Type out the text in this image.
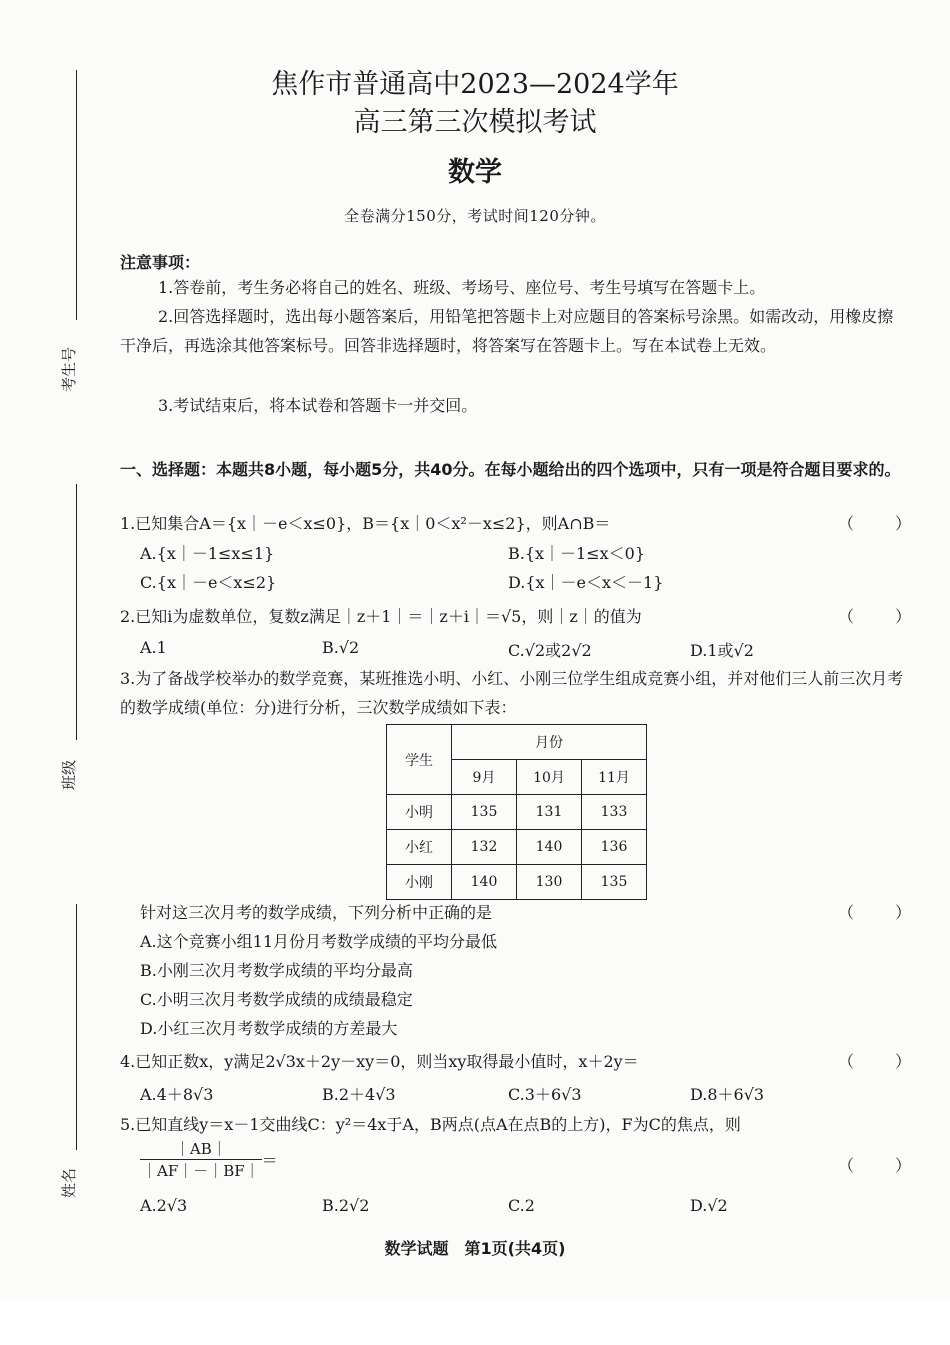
考生号
班级
姓名
焦作市普通高中2023—2024学年
高三第三次模拟考试
数学
全卷满分150分，考试时间120分钟。
注意事项：
1.答卷前，考生务必将自己的姓名、班级、考场号、座位号、考生号填写在答题卡上。
2.回答选择题时，选出每小题答案后，用铅笔把答题卡上对应题目的答案标号涂黑。如需改动，用橡皮擦干净后，再选涂其他答案标号。回答非选择题时，将答案写在答题卡上。写在本试卷上无效。
3.考试结束后，将本试卷和答题卡一并交回。
一、选择题：本题共8小题，每小题5分，共40分。在每小题给出的四个选项中，只有一项是符合题目要求的。
1.已知集合A＝{x｜－e＜x≤0}，B＝{x｜0＜x²－x≤2}，则A∩B＝	（ ）
A.{x｜－1≤x≤1}	B.{x｜－1≤x＜0}
C.{x｜－e＜x≤2}	D.{x｜－e＜x＜－1}
2.已知i为虚数单位，复数z满足｜z＋1｜＝｜z＋i｜＝√5，则｜z｜的值为	（ ）
A.1	B.√2	C.√2或2√2	D.1或√2
3.为了备战学校举办的数学竞赛，某班推选小明、小红、小刚三位学生组成竞赛小组，并对他们三人前三次月考的数学成绩(单位：分)进行分析，三次数学成绩如下表：
学生	月份		
	9月	10月	11月
小明	135	131	133
小红	132	140	136
小刚	140	130	135
针对这三次月考的数学成绩，下列分析中正确的是	（ ）
A.这个竞赛小组11月份月考数学成绩的平均分最低
B.小刚三次月考数学成绩的平均分最高
C.小明三次月考数学成绩的成绩最稳定
D.小红三次月考数学成绩的方差最大
4.已知正数x，y满足2√3x＋2y－xy＝0，则当xy取得最小值时，x＋2y＝	（ ）
A.4＋8√3	B.2＋4√3	C.3＋6√3	D.8＋6√3
5.已知直线y＝x－1交曲线C：y²＝4x于A，B两点(点A在点B的上方)，F为C的焦点，则
$\frac{|AB|}{|AF|-|BF|}$ ＝	（ ）
A.2√3	B.2√2	C.2	D.√2
数学试题　第1页(共4页)
